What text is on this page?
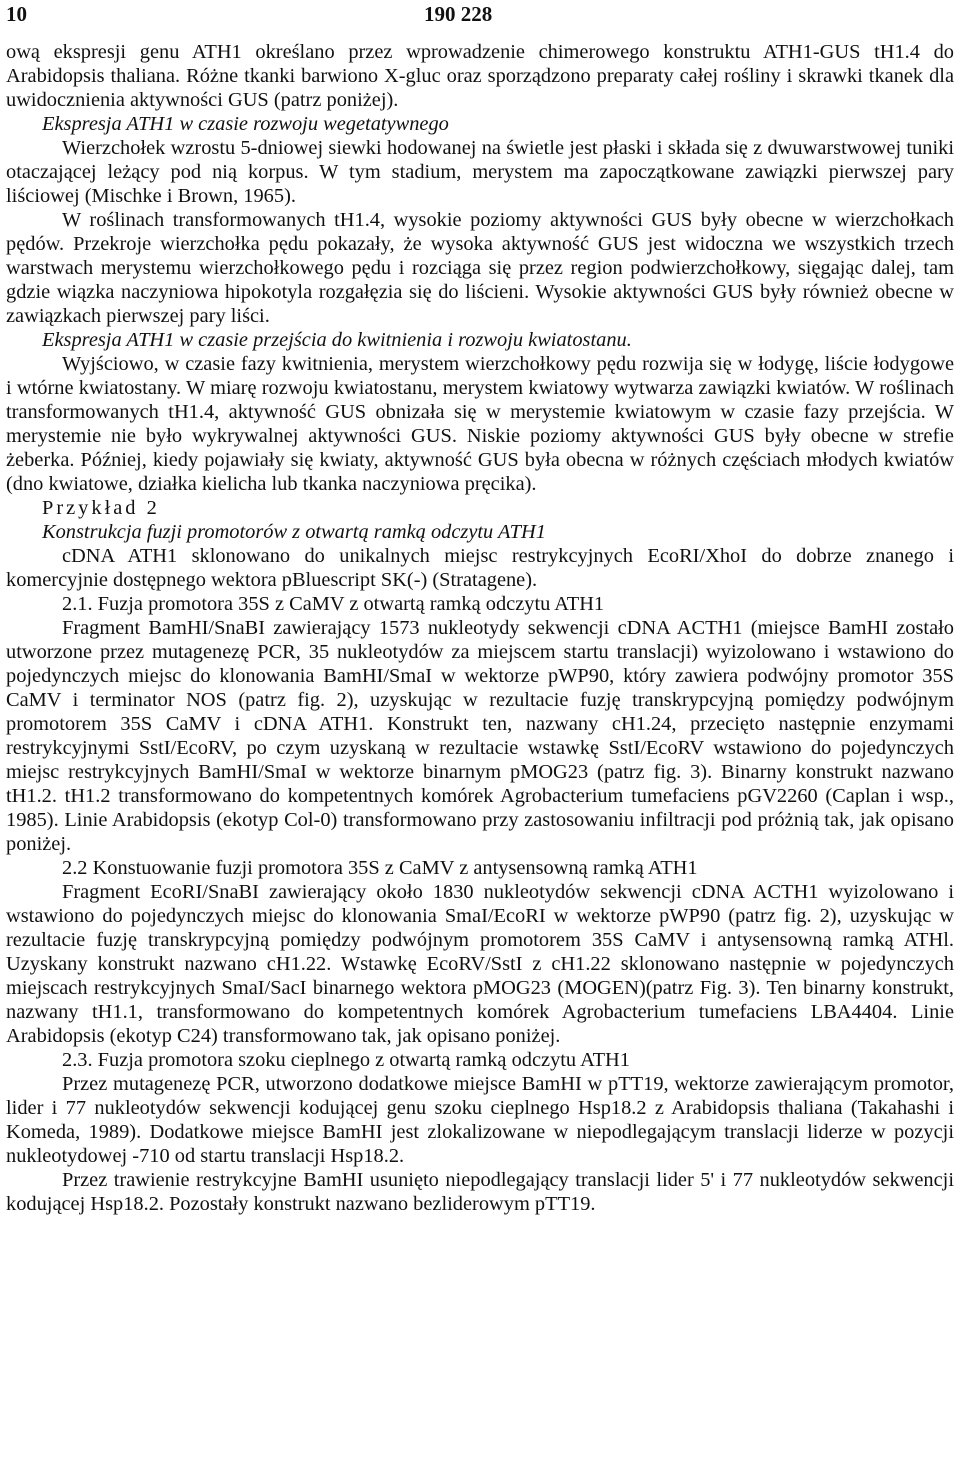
10	190 228

ową ekspresji genu ATH1 określano przez wprowadzenie chimerowego konstruktu ATH1-GUS tH1.4 do Arabidopsis thaliana. Różne tkanki barwiono X-gluc oraz sporządzono preparaty całej rośliny i skrawki tkanek dla uwidocznienia aktywności GUS (patrz poniżej).

Ekspresja ATH1 w czasie rozwoju wegetatywnego

Wierzchołek wzrostu 5-dniowej siewki hodowanej na świetle jest płaski i składa się z dwuwarstwowej tuniki otaczającej leżący pod nią korpus. W tym stadium, merystem ma zapoczątkowane zawiązki pierwszej pary liściowej (Mischke i Brown, 1965).

W roślinach transformowanych tH1.4, wysokie poziomy aktywności GUS były obecne w wierzchołkach pędów. Przekroje wierzchołka pędu pokazały, że wysoka aktywność GUS jest widoczna we wszystkich trzech warstwach merystemu wierzchołkowego pędu i rozciąga się przez region podwierzchołkowy, sięgając dalej, tam gdzie wiązka naczyniowa hipokotyla rozgałęzia się do liścieni. Wysokie aktywności GUS były również obecne w zawiązkach pierwszej pary liści.

Ekspresja ATH1 w czasie przejścia do kwitnienia i rozwoju kwiatostanu.

Wyjściowo, w czasie fazy kwitnienia, merystem wierzchołkowy pędu rozwija się w łodygę, liście łodygowe i wtórne kwiatostany. W miarę rozwoju kwiatostanu, merystem kwiatowy wytwarza zawiązki kwiatów. W roślinach transformowanych tH1.4, aktywność GUS obnizała się w merystemie kwiatowym w czasie fazy przejścia. W merystemie nie było wykrywalnej aktywności GUS. Niskie poziomy aktywności GUS były obecne w strefie żeberka. Później, kiedy pojawiały się kwiaty, aktywność GUS była obecna w różnych częściach młodych kwiatów (dno kwiatowe, działka kielicha lub tkanka naczyniowa pręcika).

Przykład 2

Konstrukcja fuzji promotorów z otwartą ramką odczytu ATH1

cDNA ATH1 sklonowano do unikalnych miejsc restrykcyjnych EcoRI/XhoI do dobrze znanego i komercyjnie dostępnego wektora pBluescript SK(-) (Stratagene).

2.1. Fuzja promotora 35S z CaMV z otwartą ramką odczytu ATH1

Fragment BamHI/SnaBI zawierający 1573 nukleotydy sekwencji cDNA ACTH1 (miejsce BamHI zostało utworzone przez mutagenezę PCR, 35 nukleotydów za miejscem startu translacji) wyizolowano i wstawiono do pojedynczych miejsc do klonowania BamHI/SmaI w wektorze pWP90, który zawiera podwójny promotor 35S CaMV i terminator NOS (patrz fig. 2), uzyskując w rezultacie fuzję transkrypcyjną pomiędzy podwójnym promotorem 35S CaMV i cDNA ATH1. Konstrukt ten, nazwany cH1.24, przecięto następnie enzymami restrykcyjnymi SstI/EcoRV, po czym uzyskaną w rezultacie wstawkę SstI/EcoRV wstawiono do pojedynczych miejsc restrykcyjnych BamHI/SmaI w wektorze binarnym pMOG23 (patrz fig. 3). Binarny konstrukt nazwano tH1.2. tH1.2 transformowano do kompetentnych komórek Agrobacterium tumefaciens pGV2260 (Caplan i wsp., 1985). Linie Arabidopsis (ekotyp Col-0) transformowano przy zastosowaniu infiltracji pod próżnią tak, jak opisano poniżej.

2.2 Konstuowanie fuzji promotora 35S z CaMV z antysensowną ramką ATH1

Fragment EcoRI/SnaBI zawierający około 1830 nukleotydów sekwencji cDNA ACTH1 wyizolowano i wstawiono do pojedynczych miejsc do klonowania SmaI/EcoRI w wektorze pWP90 (patrz fig. 2), uzyskując w rezultacie fuzję transkrypcyjną pomiędzy podwójnym promotorem 35S CaMV i antysensowną ramką ATHl. Uzyskany konstrukt nazwano cH1.22. Wstawkę EcoRV/SstI z cH1.22 sklonowano następnie w pojedynczych miejscach restrykcyjnych SmaI/SacI binarnego wektora pMOG23 (MOGEN)(patrz Fig. 3). Ten binarny konstrukt, nazwany tH1.1, transformowano do kompetentnych komórek Agrobacterium tumefaciens LBA4404. Linie Arabidopsis (ekotyp C24) transformowano tak, jak opisano poniżej.

2.3. Fuzja promotora szoku cieplnego z otwartą ramką odczytu ATH1

Przez mutagenezę PCR, utworzono dodatkowe miejsce BamHI w pTT19, wektorze zawierającym promotor, lider i 77 nukleotydów sekwencji kodującej genu szoku cieplnego Hsp18.2 z Arabidopsis thaliana (Takahashi i Komeda, 1989). Dodatkowe miejsce BamHI jest zlokalizowane w niepodlegającym translacji liderze w pozycji nukleotydowej -710 od startu translacji Hsp18.2.

Przez trawienie restrykcyjne BamHI usunięto niepodlegający translacji lider 5' i 77 nukleotydów sekwencji kodującej Hsp18.2. Pozostały konstrukt nazwano bezliderowym pTT19.
